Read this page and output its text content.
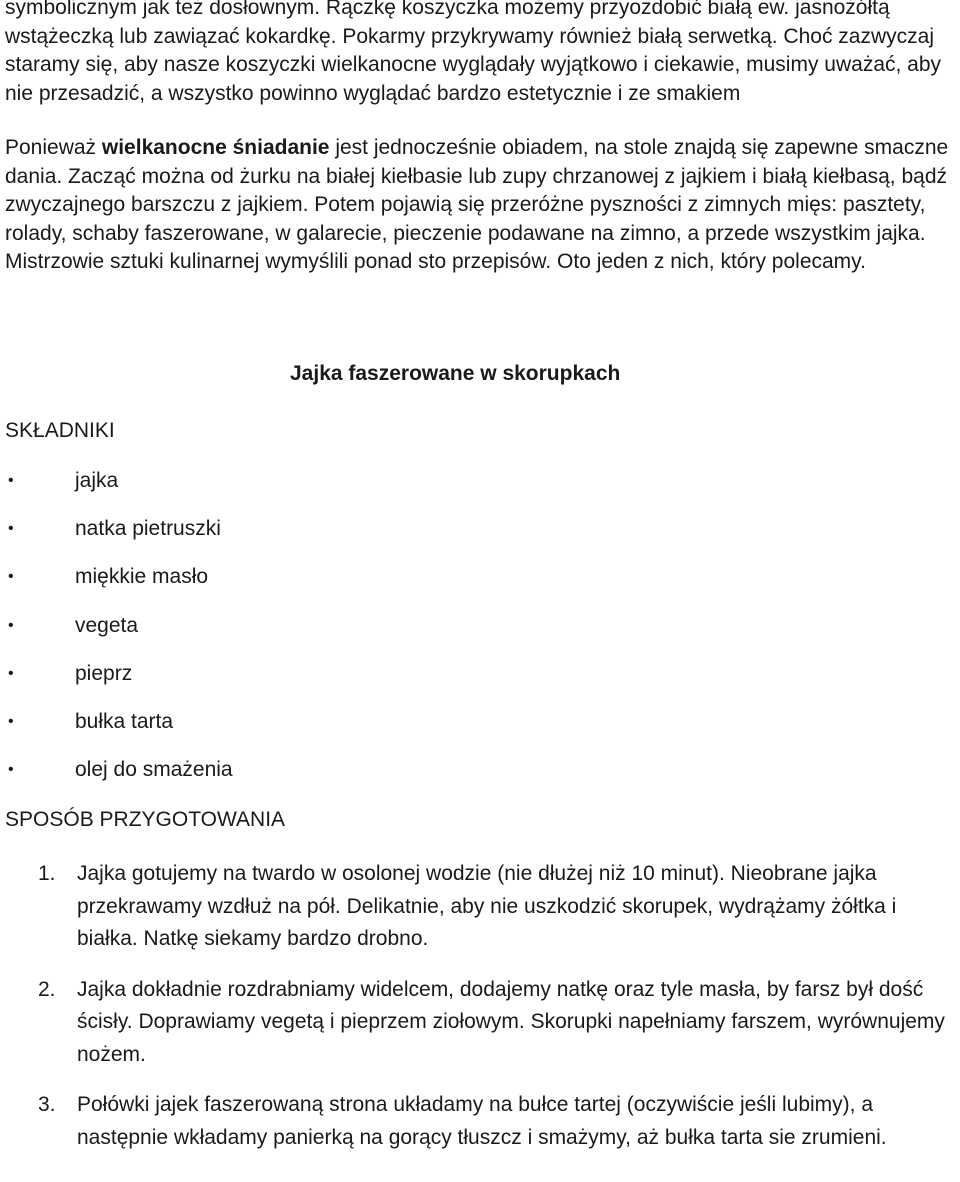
symbolicznym jak też dosłownym. Rączkę koszyczka możemy przyozdobić białą ew. jasnożółtą wstążeczką lub zawiązać kokardkę. Pokarmy przykrywamy również białą serwetką. Choć zazwyczaj staramy się, aby nasze koszyczki wielkanocne wyglądały wyjątkowo i ciekawie, musimy uważać, aby nie przesadzić, a wszystko powinno wyglądać bardzo estetycznie i ze smakiem

Ponieważ wielkanocne śniadanie jest jednocześnie obiadem, na stole znajdą się zapewne smaczne dania. Zacząć można od żurku na białej kiełbasie lub zupy chrzanowej z jajkiem i białą kiełbasą, bądź zwyczajnego barszczu z jajkiem. Potem pojawią się przeróżne pyszności z zimnych mięs: pasztety, rolady, schaby faszerowane, w galarecie, pieczenie podawane na zimno, a przede wszystkim jajka. Mistrzowie sztuki kulinarnej wymyślili ponad sto przepisów. Oto jeden z nich, który polecamy.

Jajka faszerowane w skorupkach
SKŁADNIKI
•	jajka
•	natka pietruszki
•	miękkie masło
•	vegeta
•	pieprz
•	bułka tarta
•	olej do smażenia
SPOSÓB PRZYGOTOWANIA
1. Jajka gotujemy na twardo w osolonej wodzie (nie dłużej niż 10 minut). Nieobrane jajka przekrawamy wzdłuż na pół. Delikatnie, aby nie uszkodzić skorupek, wydrążamy żółtka i białka. Natkę siekamy bardzo drobno.
2. Jajka dokładnie rozdrabniamy widelcem, dodajemy natkę oraz tyle masła, by farsz był dość ścisły. Doprawiamy vegetą i pieprzem ziołowym. Skorupki napełniamy farszem, wyrównujemy nożem.
3. Połówki jajek faszerowaną strona układamy na bułce tartej (oczywiście jeśli lubimy), a następnie wkładamy panierką na gorący tłuszcz i smażymy, aż bułka tarta sie zrumieni.
